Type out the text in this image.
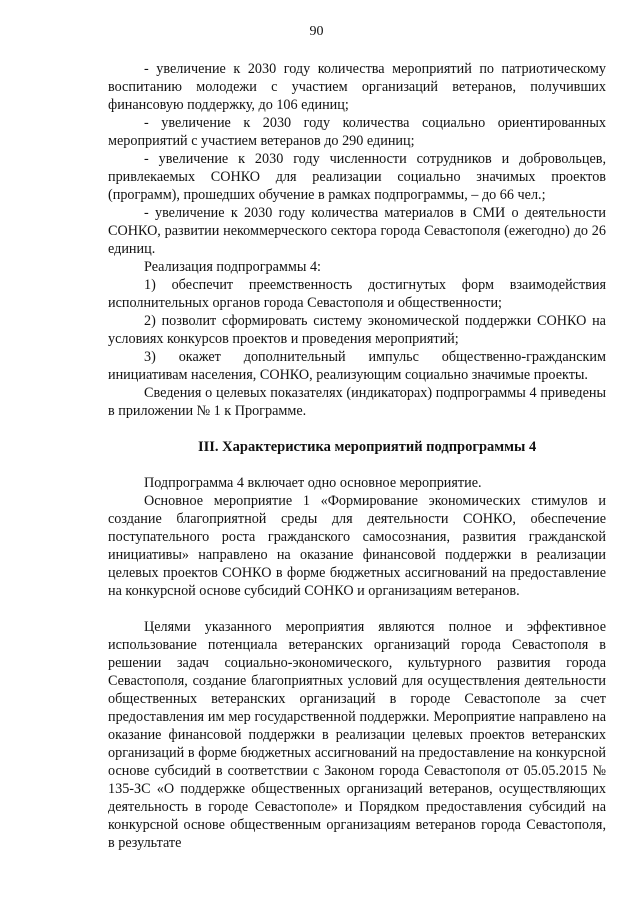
90

- увеличение к 2030 году количества мероприятий по патриотическому воспитанию молодежи с участием организаций ветеранов, получивших финансовую поддержку, до 106 единиц;

- увеличение к 2030 году количества социально ориентированных мероприятий с участием ветеранов до 290 единиц;

- увеличение к 2030 году численности сотрудников и добровольцев, привлекаемых СОНКО для реализации социально значимых проектов (программ), прошедших обучение в рамках подпрограммы, – до 66 чел.;

- увеличение к 2030 году количества материалов в СМИ о деятельности СОНКО, развитии некоммерческого сектора города Севастополя (ежегодно) до 26 единиц.

Реализация подпрограммы 4:

1) обеспечит преемственность достигнутых форм взаимодействия исполнительных органов города Севастополя и общественности;

2) позволит сформировать систему экономической поддержки СОНКО на условиях конкурсов проектов и проведения мероприятий;

3) окажет дополнительный импульс общественно-гражданским инициативам населения, СОНКО, реализующим социально значимые проекты.

Сведения о целевых показателях (индикаторах) подпрограммы 4 приведены в приложении № 1 к Программе.

III. Характеристика мероприятий подпрограммы 4

Подпрограмма 4 включает одно основное мероприятие.

Основное мероприятие 1 «Формирование экономических стимулов и создание благоприятной среды для деятельности СОНКО, обеспечение поступательного роста гражданского самосознания, развития гражданской инициативы» направлено на оказание финансовой поддержки в реализации целевых проектов СОНКО в форме бюджетных ассигнований на предоставление на конкурсной основе субсидий СОНКО и организациям ветеранов.

Целями указанного мероприятия являются полное и эффективное использование потенциала ветеранских организаций города Севастополя в решении задач социально-экономического, культурного развития города Севастополя, создание благоприятных условий для осуществления деятельности общественных ветеранских организаций в городе Севастополе за счет предоставления им мер государственной поддержки. Мероприятие направлено на оказание финансовой поддержки в реализации целевых проектов ветеранских организаций в форме бюджетных ассигнований на предоставление на конкурсной основе субсидий в соответствии с Законом города Севастополя от 05.05.2015 № 135-ЗС «О поддержке общественных организаций ветеранов, осуществляющих деятельность в городе Севастополе» и Порядком предоставления субсидий на конкурсной основе общественным организациям ветеранов города Севастополя, в результате
